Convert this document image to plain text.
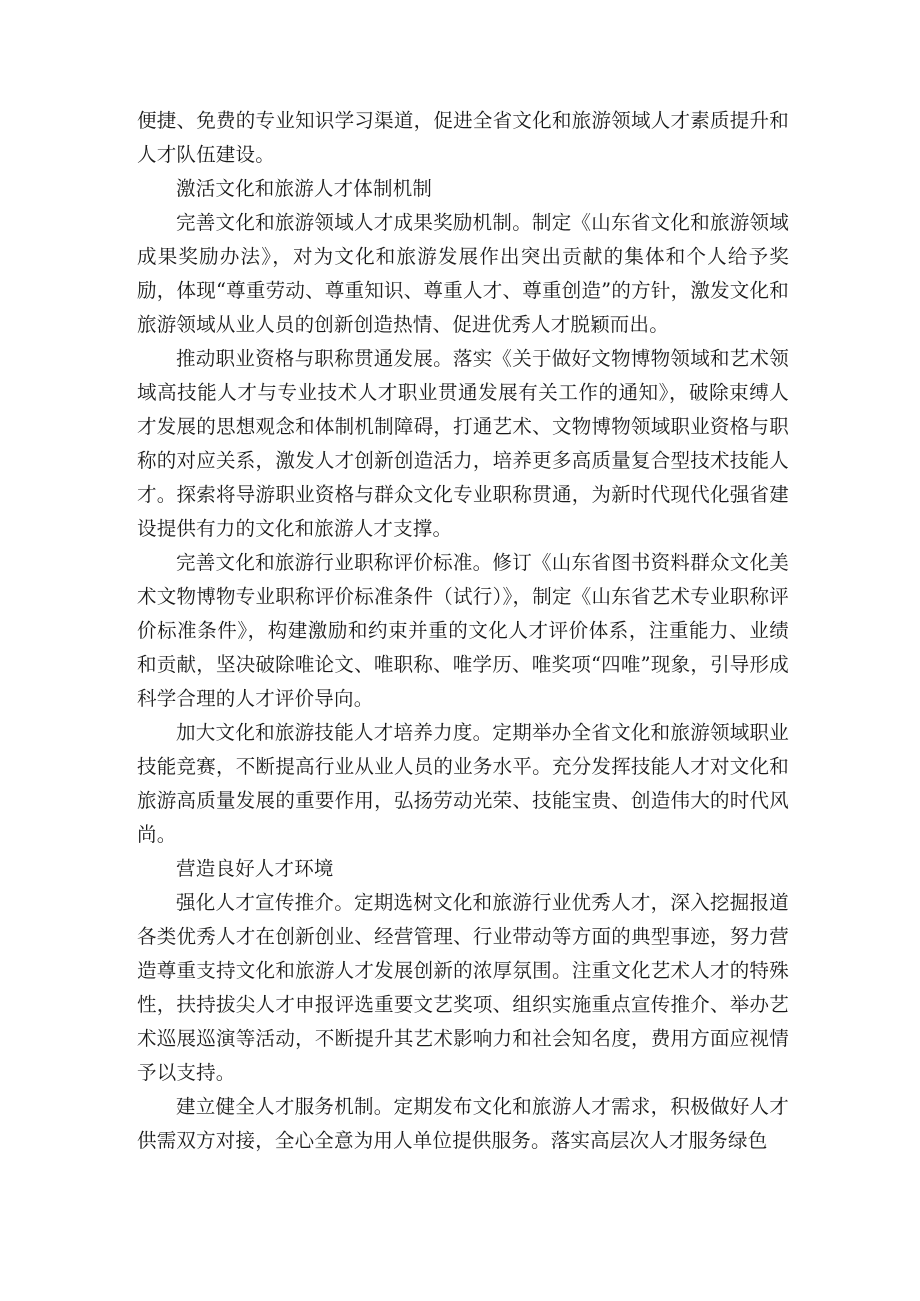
便捷、免费的专业知识学习渠道，促进全省文化和旅游领域人才素质提升和人才队伍建设。

激活文化和旅游人才体制机制

完善文化和旅游领域人才成果奖励机制。制定《山东省文化和旅游领域成果奖励办法》，对为文化和旅游发展作出突出贡献的集体和个人给予奖励，体现“尊重劳动、尊重知识、尊重人才、尊重创造”的方针，激发文化和旅游领域从业人员的创新创造热情、促进优秀人才脱颖而出。

推动职业资格与职称贯通发展。落实《关于做好文物博物领域和艺术领域高技能人才与专业技术人才职业贯通发展有关工作的通知》，破除束缚人才发展的思想观念和体制机制障碍，打通艺术、文物博物领域职业资格与职称的对应关系，激发人才创新创造活力，培养更多高质量复合型技术技能人才。探索将导游职业资格与群众文化专业职称贯通，为新时代现代化强省建设提供有力的文化和旅游人才支撑。

完善文化和旅游行业职称评价标准。修订《山东省图书资料群众文化美术文物博物专业职称评价标准条件（试行）》，制定《山东省艺术专业职称评价标准条件》，构建激励和约束并重的文化人才评价体系，注重能力、业绩和贡献，坚决破除唯论文、唯职称、唯学历、唯奖项“四唯”现象，引导形成科学合理的人才评价导向。

加大文化和旅游技能人才培养力度。定期举办全省文化和旅游领域职业技能竞赛，不断提高行业从业人员的业务水平。充分发挥技能人才对文化和旅游高质量发展的重要作用，弘扬劳动光荣、技能宝贵、创造伟大的时代风尚。

营造良好人才环境

强化人才宣传推介。定期选树文化和旅游行业优秀人才，深入挖掘报道各类优秀人才在创新创业、经营管理、行业带动等方面的典型事迹，努力营造尊重支持文化和旅游人才发展创新的浓厚氛围。注重文化艺术人才的特殊性，扶持拔尖人才申报评选重要文艺奖项、组织实施重点宣传推介、举办艺术巡展巡演等活动，不断提升其艺术影响力和社会知名度，费用方面应视情予以支持。

建立健全人才服务机制。定期发布文化和旅游人才需求，积极做好人才供需双方对接，全心全意为用人单位提供服务。落实高层次人才服务绿色
